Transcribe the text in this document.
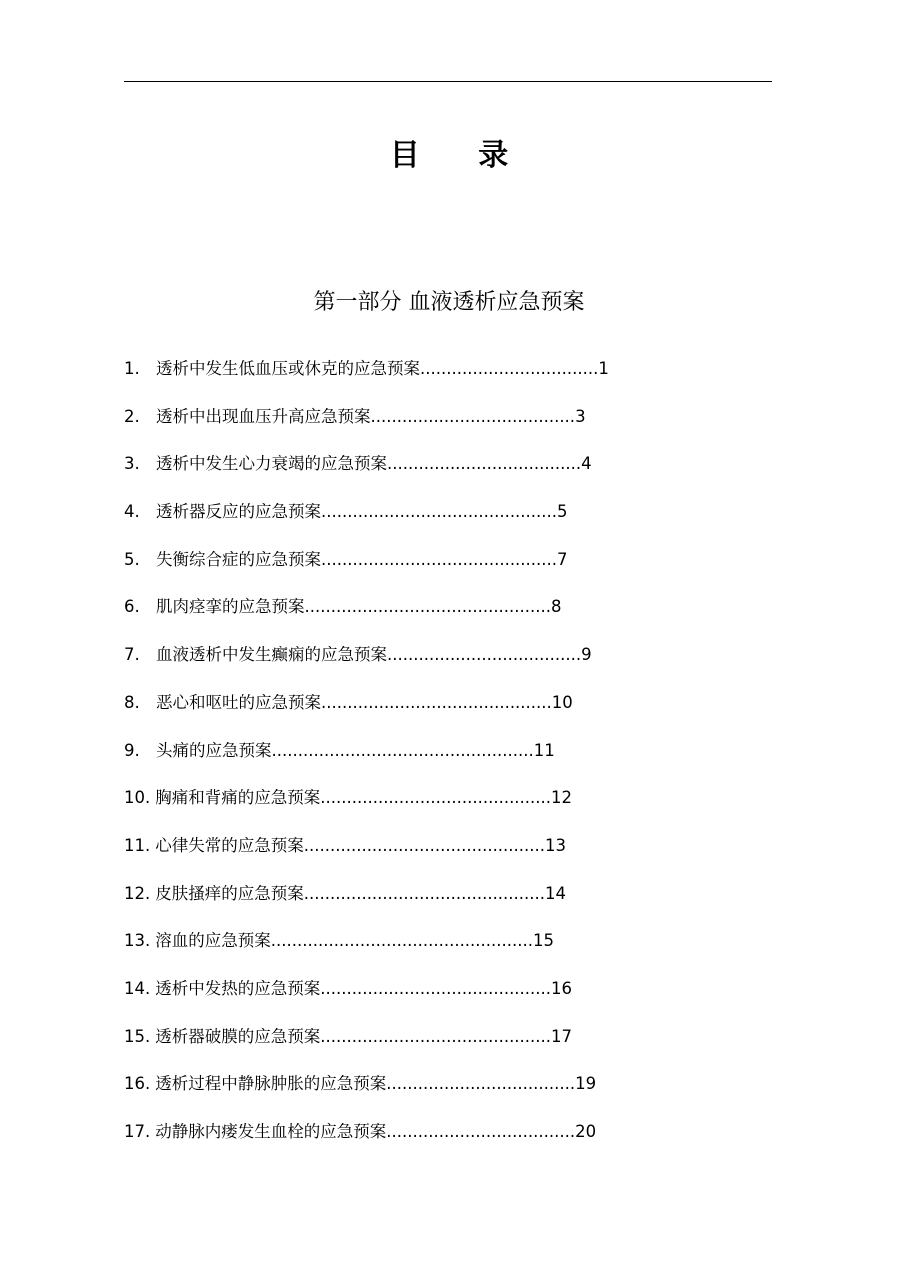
目 录
第一部分 血液透析应急预案
1. 透析中发生低血压或休克的应急预案..................................1
2. 透析中出现血压升高应急预案.......................................3
3. 透析中发生心力衰竭的应急预案.....................................4
4. 透析器反应的应急预案.............................................5
5. 失衡综合症的应急预案.............................................7
6. 肌肉痉挛的应急预案...............................................8
7. 血液透析中发生癫痫的应急预案.....................................9
8. 恶心和呕吐的应急预案............................................10
9. 头痛的应急预案..................................................11
10. 胸痛和背痛的应急预案............................................12
11. 心律失常的应急预案..............................................13
12. 皮肤搔痒的应急预案..............................................14
13. 溶血的应急预案..................................................15
14. 透析中发热的应急预案............................................16
15. 透析器破膜的应急预案............................................17
16. 透析过程中静脉肿胀的应急预案....................................19
17. 动静脉内瘘发生血栓的应急预案....................................20
